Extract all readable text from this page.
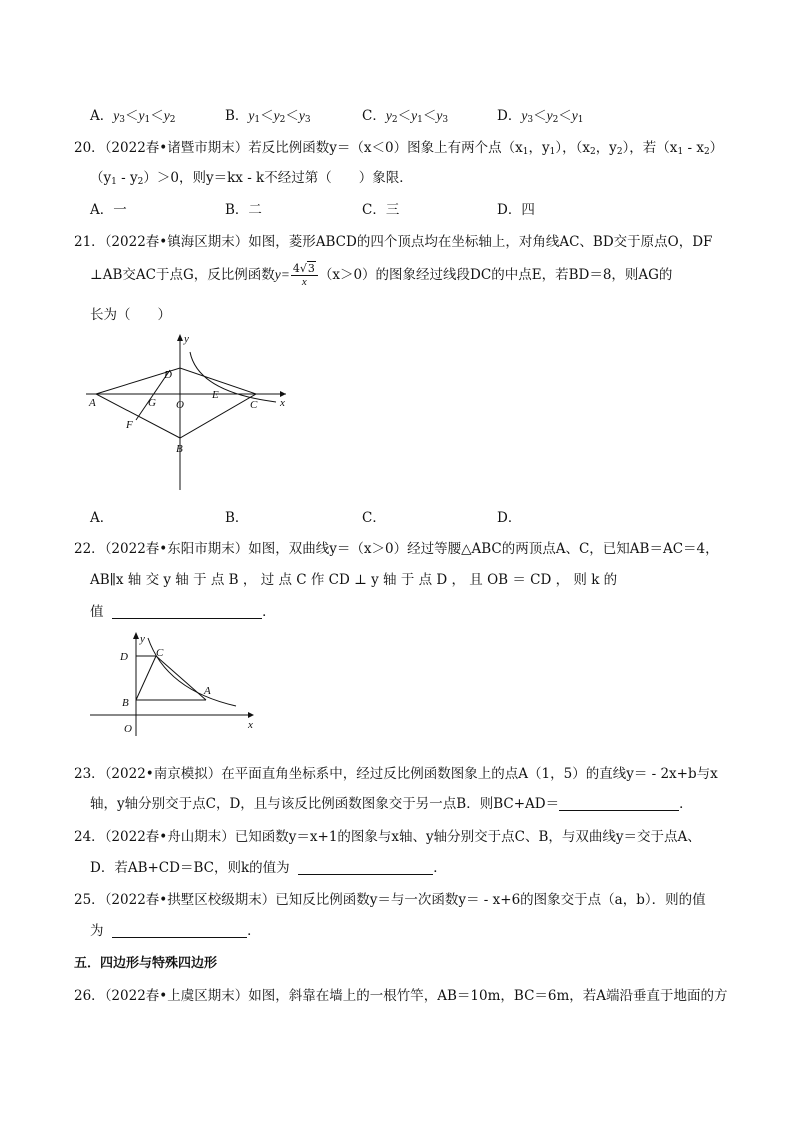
A．$y_3<y_1<y_2$	B．$y_1<y_2<y_3$	C．$y_2<y_1<y_3$	D．$y_3<y_2<y_1$
20．（2022春•诸暨市期末）若反比例函数y＝（x＜0）图象上有两个点（$x_1$，$y_1$），（$x_2$，$y_2$），若$(x_1 - x_2)$
$(y_1 - y_2)>0$，则y＝kx - k不经过第（　　）象限．
A．一	B．二	C．三	D．四
21．（2022春•镇海区期末）如图，菱形ABCD的四个顶点均在坐标轴上，对角线AC、BD交于原点O，DF
⊥AB交AC于点G，反比例函数$y= \frac{4√3}{x} (x>0)$的图象经过线段DC的中点E，若BD＝8，则AG的
长为（　　）
y
x
D
E
A	G O	C
F
B
A．	B．	C．	D．
22．（2022春•东阳市期末）如图，双曲线y＝（x＞0）经过等腰△ABC的两顶点A、C，已知AB＝AC＝4，
AB∥x 轴 交 y 轴 于 点 B ， 过 点 C 作 CD ⊥ y 轴 于 点 D ， 且 OB ＝ CD ， 则 k 的
值	．
y
D	C
B
A
O	x
23．（2022•南京模拟）在平面直角坐标系中，经过反比例函数图象上的点A（1，5）的直线y＝ - 2x+b与x
轴，y轴分别交于点C，D，且与该反比例函数图象交于另一点B．则BC+AD＝	．
24．（2022春•舟山期末）已知函数y＝x+1的图象与x轴、y轴分别交于点C、B，与双曲线y＝交于点A、
D．若AB+CD＝BC，则k的值为	．
25．（2022春•拱墅区校级期末）已知反比例函数y＝与一次函数y＝ - x+6的图象交于点（a，b）．则的值
为	．
五．四边形与特殊四边形
26．（2022春•上虞区期末）如图，斜靠在墙上的一根竹竿，AB＝10m，BC＝6m，若A端沿垂直于地面的方
